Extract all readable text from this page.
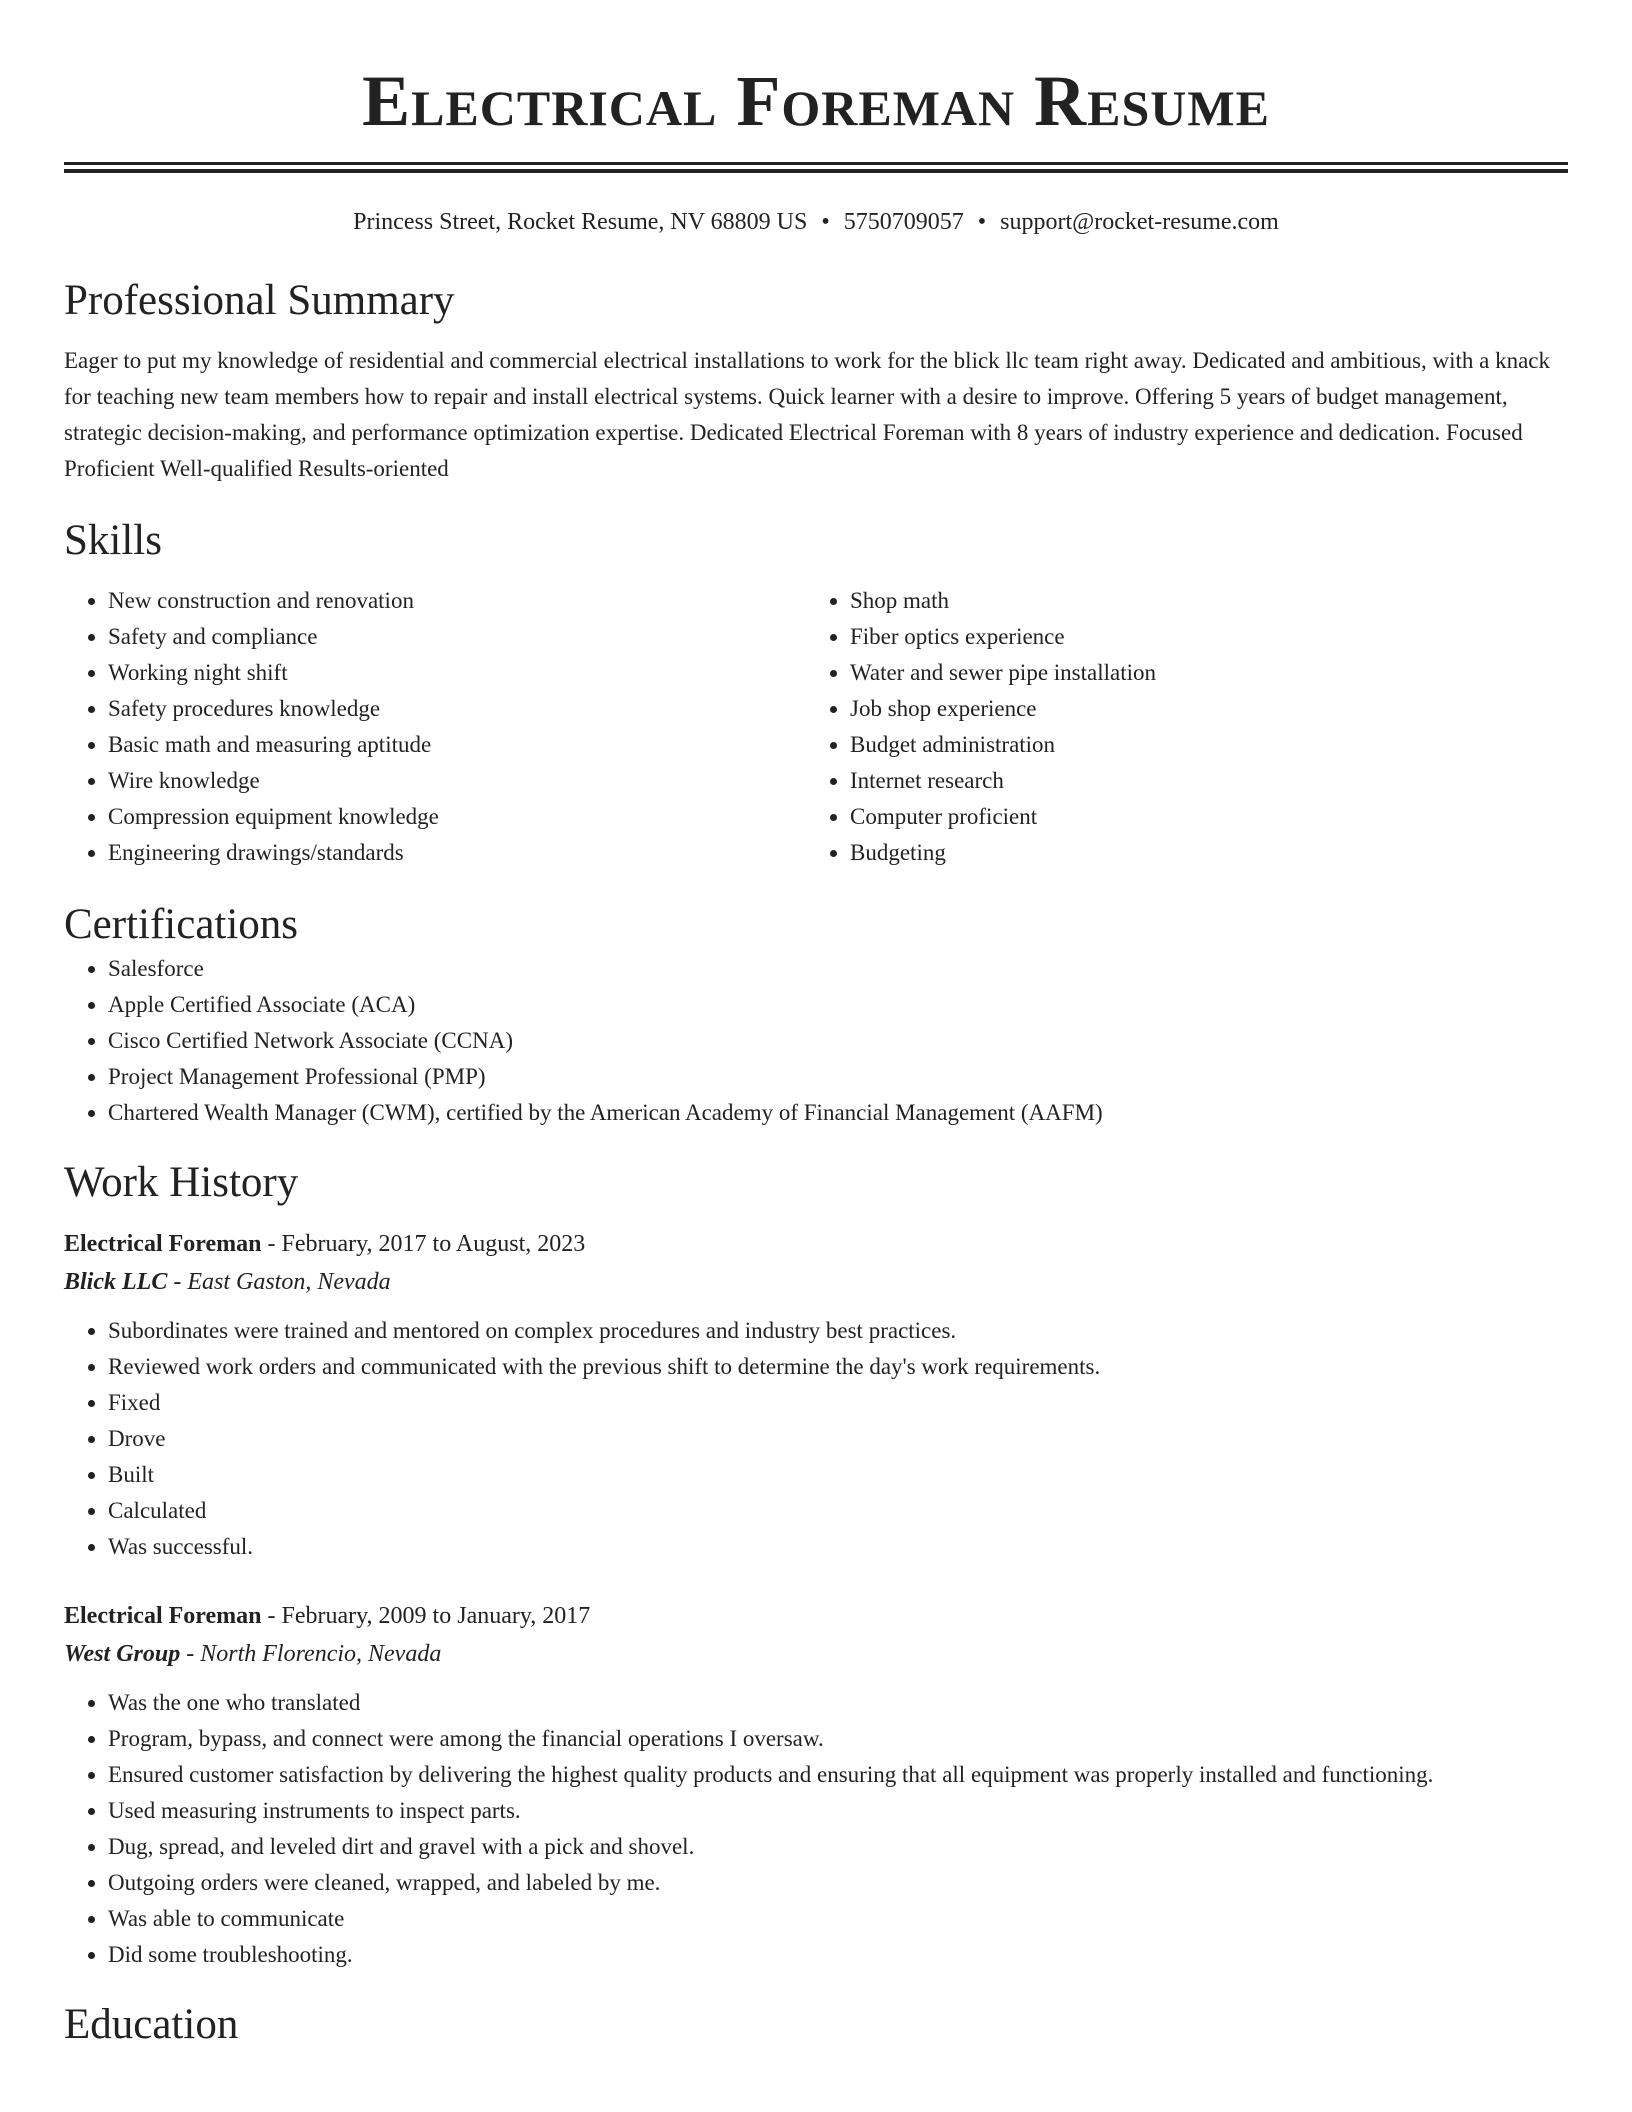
Electrical Foreman Resume
Princess Street, Rocket Resume, NV 68809 US • 5750709057 • support@rocket-resume.com
Professional Summary

Eager to put my knowledge of residential and commercial electrical installations to work for the blick llc team right away. Dedicated and ambitious, with a knack for teaching new team members how to repair and install electrical systems. Quick learner with a desire to improve. Offering 5 years of budget management, strategic decision-making, and performance optimization expertise. Dedicated Electrical Foreman with 8 years of industry experience and dedication. Focused Proficient Well-qualified Results-oriented

Skills
• New construction and renovation
• Safety and compliance
• Working night shift
• Safety procedures knowledge
• Basic math and measuring aptitude
• Wire knowledge
• Compression equipment knowledge
• Engineering drawings/standards
• Shop math
• Fiber optics experience
• Water and sewer pipe installation
• Job shop experience
• Budget administration
• Internet research
• Computer proficient
• Budgeting
Certifications
• Salesforce
• Apple Certified Associate (ACA)
• Cisco Certified Network Associate (CCNA)
• Project Management Professional (PMP)
• Chartered Wealth Manager (CWM), certified by the American Academy of Financial Management (AAFM)
Work History
Electrical Foreman - February, 2017 to August, 2023
Blick LLC - East Gaston, Nevada
• Subordinates were trained and mentored on complex procedures and industry best practices.
• Reviewed work orders and communicated with the previous shift to determine the day's work requirements.
• Fixed
• Drove
• Built
• Calculated
• Was successful.
Electrical Foreman - February, 2009 to January, 2017
West Group - North Florencio, Nevada
• Was the one who translated
• Program, bypass, and connect were among the financial operations I oversaw.
• Ensured customer satisfaction by delivering the highest quality products and ensuring that all equipment was properly installed and functioning.
• Used measuring instruments to inspect parts.
• Dug, spread, and leveled dirt and gravel with a pick and shovel.
• Outgoing orders were cleaned, wrapped, and labeled by me.
• Was able to communicate
• Did some troubleshooting.
Education
